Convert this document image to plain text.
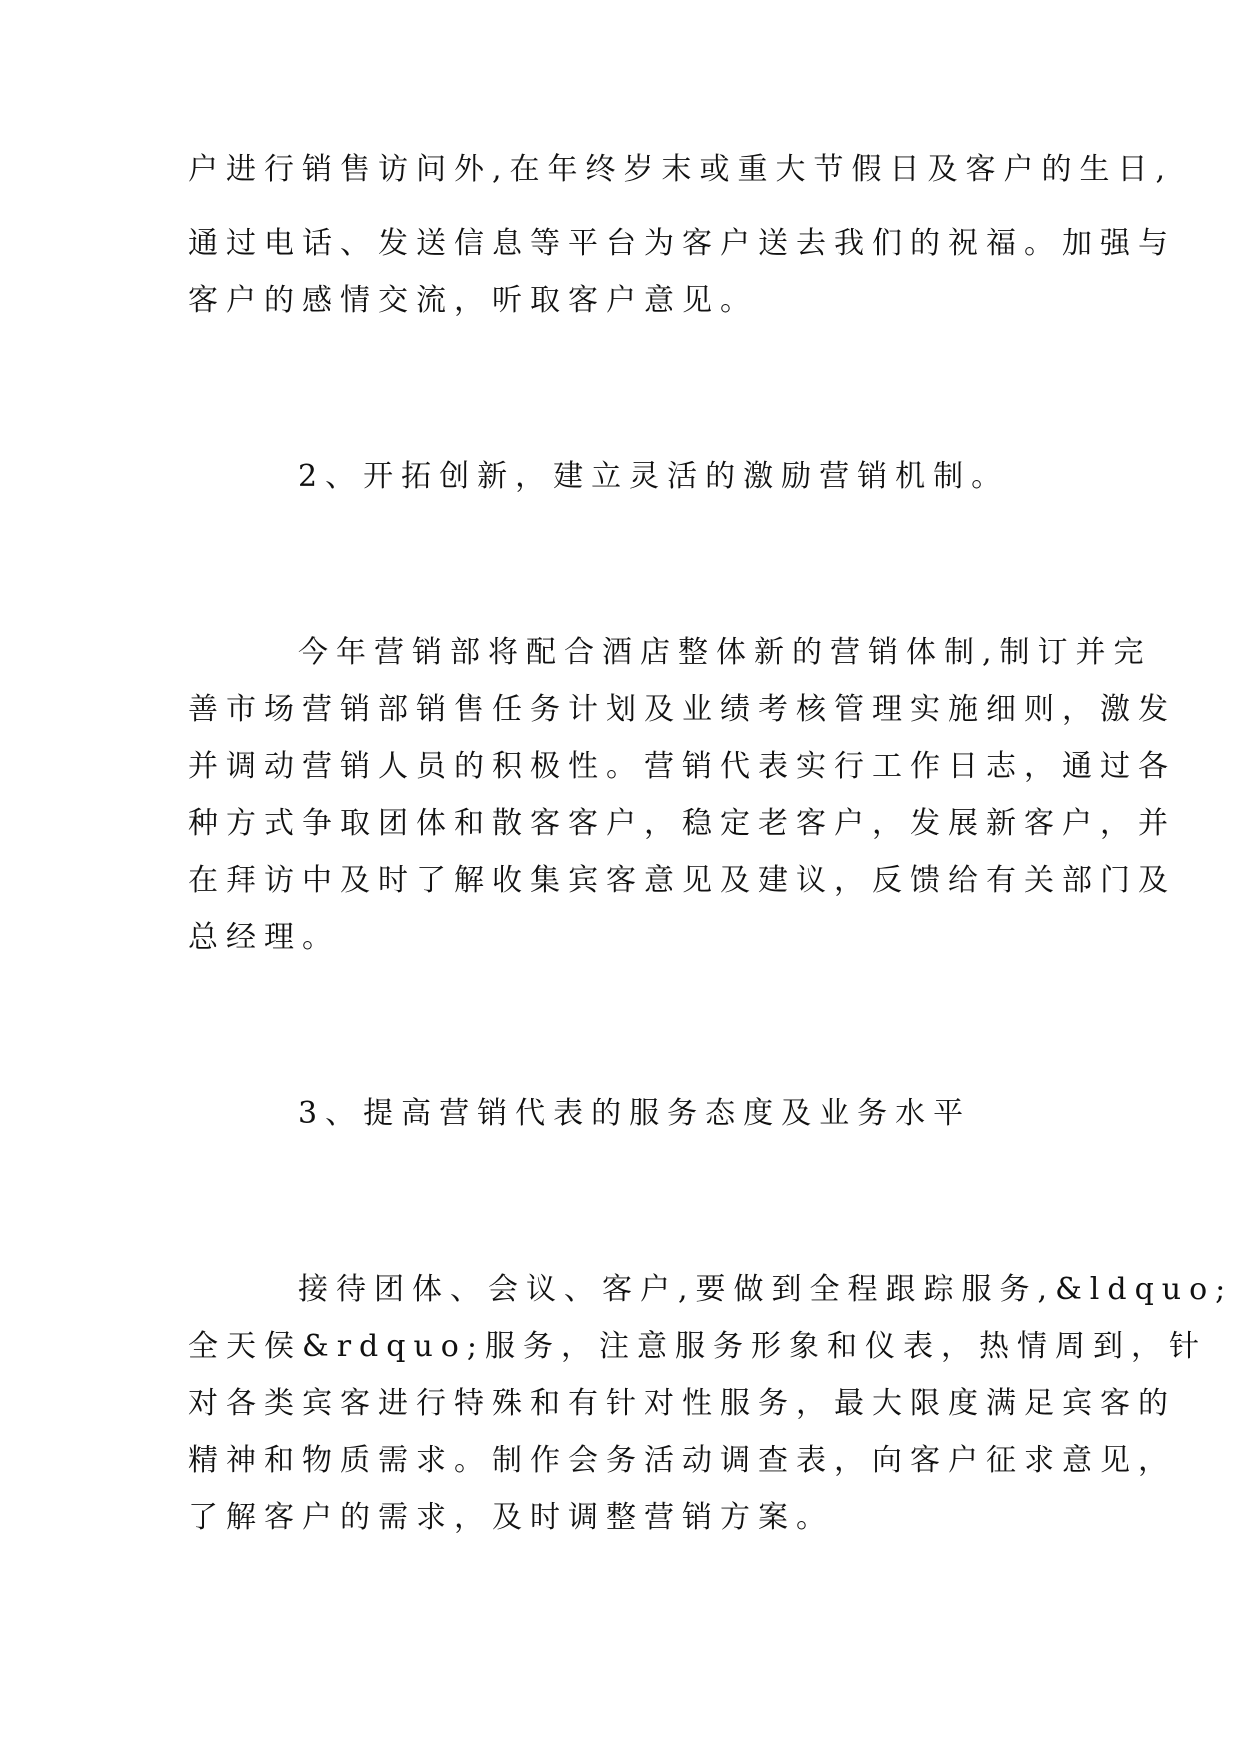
户进行销售访问外,在年终岁末或重大节假日及客户的生日,
通过电话、发送信息等平台为客户送去我们的祝福。加强与
客户的感情交流，听取客户意见。
2、开拓创新，建立灵活的激励营销机制。
今年营销部将配合酒店整体新的营销体制,制订并完
善市场营销部销售任务计划及业绩考核管理实施细则，激发
并调动营销人员的积极性。营销代表实行工作日志，通过各
种方式争取团体和散客客户，稳定老客户，发展新客户，并
在拜访中及时了解收集宾客意见及建议，反馈给有关部门及
总经理。
3、提高营销代表的服务态度及业务水平
接待团体、会议、客户,要做到全程跟踪服务,&ldquo;
全天侯&rdquo;服务，注意服务形象和仪表，热情周到，针
对各类宾客进行特殊和有针对性服务，最大限度满足宾客的
精神和物质需求。制作会务活动调查表，向客户征求意见，
了解客户的需求，及时调整营销方案。
